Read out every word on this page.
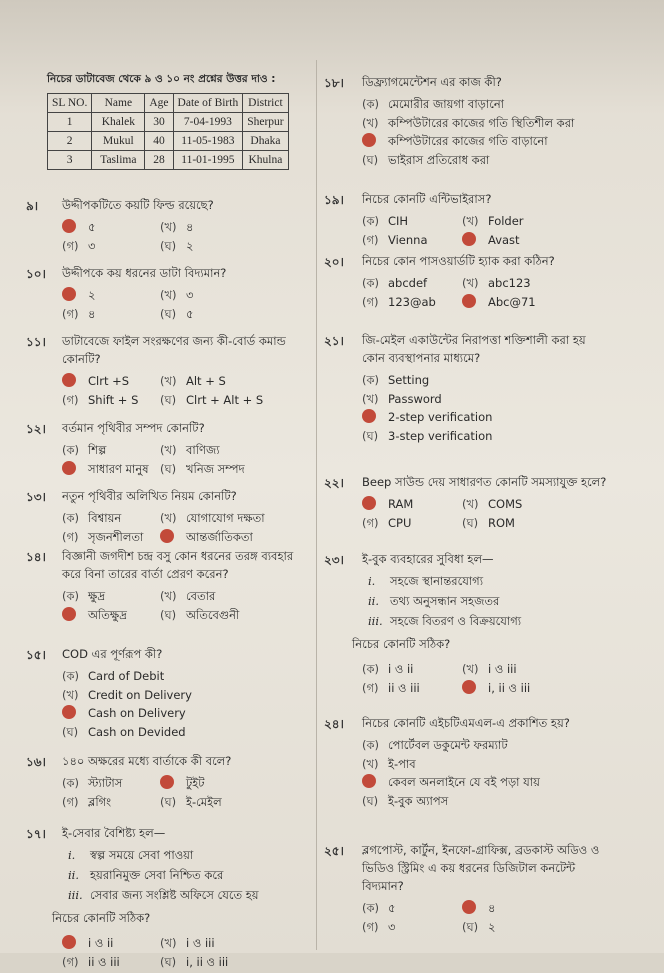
নিচের ডাটাবেজ থেকে ৯ ও ১০ নং প্রশ্নের উত্তর দাও :
SL NO.	Name	Age	Date of Birth	District
1	Khalek	30	7-04-1993	Sherpur
2	Mukul	40	11-05-1983	Dhaka
3	Taslima	28	11-01-1995	Khulna
৯। উদ্দীপকটিতে কয়টি ফিল্ড রয়েছে?
৫	(খ) ৪
(গ) ৩	(ঘ) ২
১০। উদ্দীপকে কয় ধরনের ডাটা বিদ্যমান?
২	(খ) ৩
(গ) ৪	(ঘ) ৫
১১। ডাটাবেজে ফাইল সংরক্ষণের জন্য কী-বোর্ড কমান্ড
কোনটি?
Clrt +S	(খ) Alt + S
(গ) Shift + S (ঘ) Clrt + Alt + S
১২। বর্তমান পৃথিবীর সম্পদ কোনটি?
(ক) শিল্প	(খ) বাণিজ্য
সাধারণ মানুষ (ঘ) খনিজ সম্পদ
১৩। নতুন পৃথিবীর অলিখিত নিয়ম কোনটি?
(ক) বিশ্বায়ন	(খ) যোগাযোগ দক্ষতা
(গ) সৃজনশীলতা	আন্তর্জাতিকতা
১৪। বিজ্ঞানী জগদীশ চন্দ্র বসু কোন ধরনের তরঙ্গ ব্যবহার
করে বিনা তারের বার্তা প্রেরণ করেন?
(ক) ক্ষুদ্র	(খ) বেতার
অতিক্ষুদ্র	(ঘ) অতিবেগুনী
১৫। COD এর পূর্ণরূপ কী?
(ক) Card of Debit
(খ) Credit on Delivery
Cash on Delivery
(ঘ) Cash on Devided
১৬। ১৪০ অক্ষরের মধ্যে বার্তাকে কী বলে?
(ক) স্ট্যাটাস	টুইট
(গ) ব্লগিং	(ঘ) ই-মেইল
১৭। ই-সেবার বৈশিষ্ট্য হল—
i. স্বল্প সময়ে সেবা পাওয়া
ii. হয়রানিমুক্ত সেবা নিশ্চিত করে
iii. সেবার জন্য সংশ্লিষ্ট অফিসে যেতে হয়
নিচের কোনটি সঠিক?
i ও ii	(খ) i ও iii
(গ) ii ও iii	(ঘ) i, ii ও iii
১৮। ডিফ্র্যাগমেন্টেশন এর কাজ কী?
(ক) মেমোরীর জায়গা বাড়ানো
(খ) কম্পিউটারের কাজের গতি স্থিতিশীল করা
কম্পিউটারের কাজের গতি বাড়ানো
(ঘ) ভাইরাস প্রতিরোধ করা
১৯। নিচের কোনটি এন্টিভাইরাস?
(ক) CIH	(খ) Folder
(গ) Vienna	Avast
২০। নিচের কোন পাসওয়ার্ডটি হ্যাক করা কঠিন?
(ক) abcdef	(খ) abc123
(গ) 123@ab	Abc@71
২১। জি-মেইল একাউন্টের নিরাপত্তা শক্তিশালী করা হয়
কোন ব্যবস্থাপনার মাধ্যমে?
(ক) Setting
(খ) Password
2-step verification
(ঘ) 3-step verification
২২। Beep সাউন্ড দেয় সাধারণত কোনটি সমস্যাযুক্ত হলে?
RAM	(খ) COMS
(গ) CPU	(ঘ) ROM
২৩। ই-বুক ব্যবহারের সুবিধা হল—
i. সহজে স্থানান্তরযোগ্য
ii. তথ্য অনুসন্ধান সহজতর
iii. সহজে বিতরণ ও বিক্রয়যোগ্য
নিচের কোনটি সঠিক?
(ক) i ও ii	(খ) i ও iii
(গ) ii ও iii	i, ii ও iii
২৪। নিচের কোনটি এইচটিএমএল-এ প্রকাশিত হয়?
(ক) পোর্টেবল ডকুমেন্ট ফরম্যাট
(খ) ই-পাব
কেবল অনলাইনে যে বই পড়া যায়
(ঘ) ই-বুক অ্যাপস
২৫। ব্লগপোস্ট, কার্টুন, ইনফো-গ্রাফিক্স, ব্রডকাস্ট অডিও ও
ভিডিও স্ট্রিমিং এ কয় ধরনের ডিজিটাল কনটেন্ট
বিদ্যমান?
(ক) ৫	৪
(গ) ৩	(ঘ) ২
